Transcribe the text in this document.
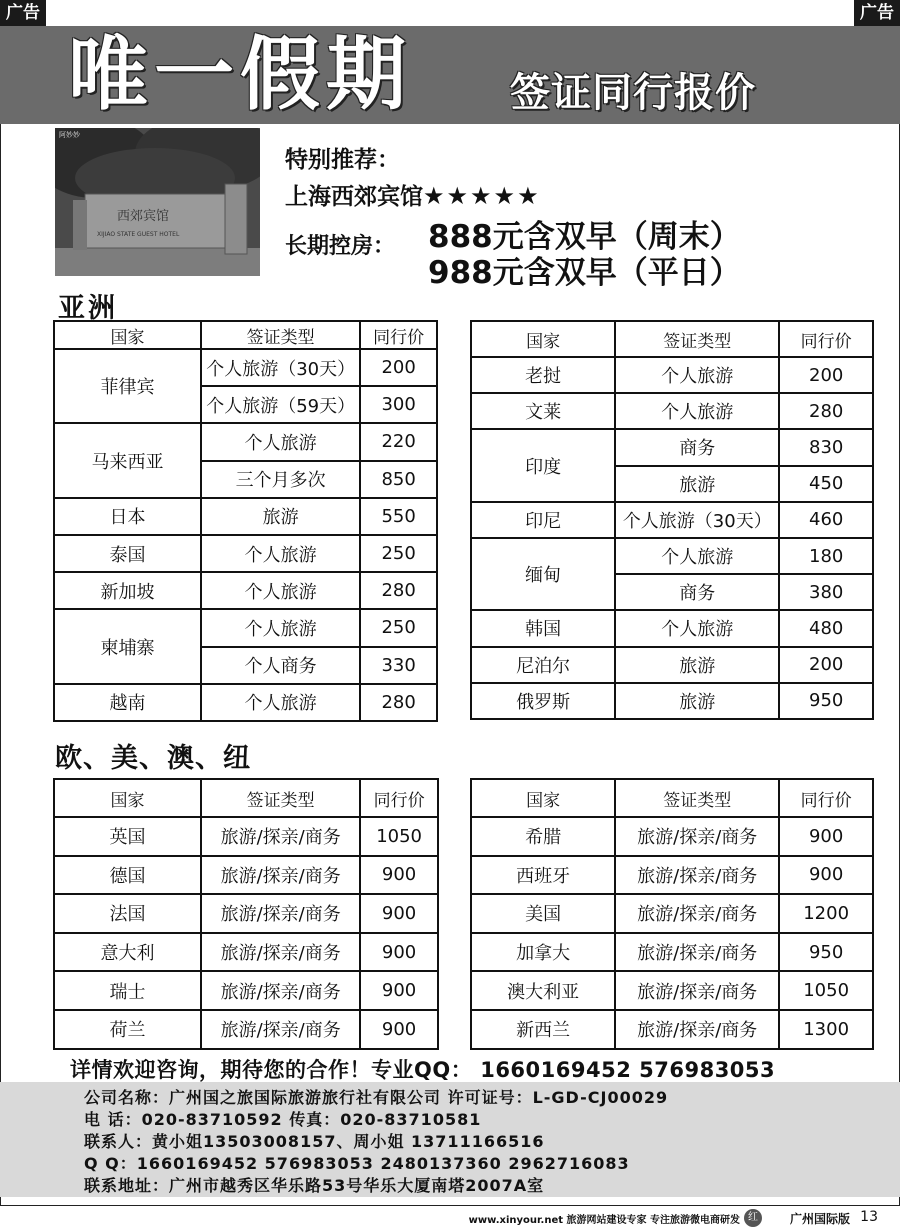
广告	广告
唯一假期 签证同行报价
阿妙妙
西郊宾馆
XIJIAO STATE GUEST HOTEL
特别推荐：
上海西郊宾馆★★★★★
长期控房： 888元含双早（周末）
988元含双早（平日）
亚洲
国家	签证类型	同行价
菲律宾	个人旅游（30天）	200
	个人旅游（59天）	300
马来西亚	个人旅游	220
	三个月多次	850
日本	旅游	550
泰国	个人旅游	250
新加坡	个人旅游	280
柬埔寨	个人旅游	250
	个人商务	330
越南	个人旅游	280
国家	签证类型	同行价
老挝	个人旅游	200
文莱	个人旅游	280
印度	商务	830
	旅游	450
印尼	个人旅游（30天）	460
缅甸	个人旅游	180
	商务	380
韩国	个人旅游	480
尼泊尔	旅游	200
俄罗斯	旅游	950
欧、美、澳、纽
国家	签证类型	同行价
英国	旅游/探亲/商务	1050
德国	旅游/探亲/商务	900
法国	旅游/探亲/商务	900
意大利	旅游/探亲/商务	900
瑞士	旅游/探亲/商务	900
荷兰	旅游/探亲/商务	900
国家	签证类型	同行价
希腊	旅游/探亲/商务	900
西班牙	旅游/探亲/商务	900
美国	旅游/探亲/商务	1200
加拿大	旅游/探亲/商务	950
澳大利亚	旅游/探亲/商务	1050
新西兰	旅游/探亲/商务	1300
详情欢迎咨询，期待您的合作！专业QQ： 1660169452 576983053
公司名称：广州国之旅国际旅游旅行社有限公司 许可证号：L-GD-CJ00029
电 话：020-83710592 传真：020-83710581
联系人：黄小姐13503008157、周小姐 13711166516
Q Q：1660169452 576983053 2480137360 2962716083
联系地址：广州市越秀区华乐路53号华乐大厦南塔2007A室
www.xinyour.net 旅游网站建设专家 专注旅游微电商研发 红	广州国际版 13
